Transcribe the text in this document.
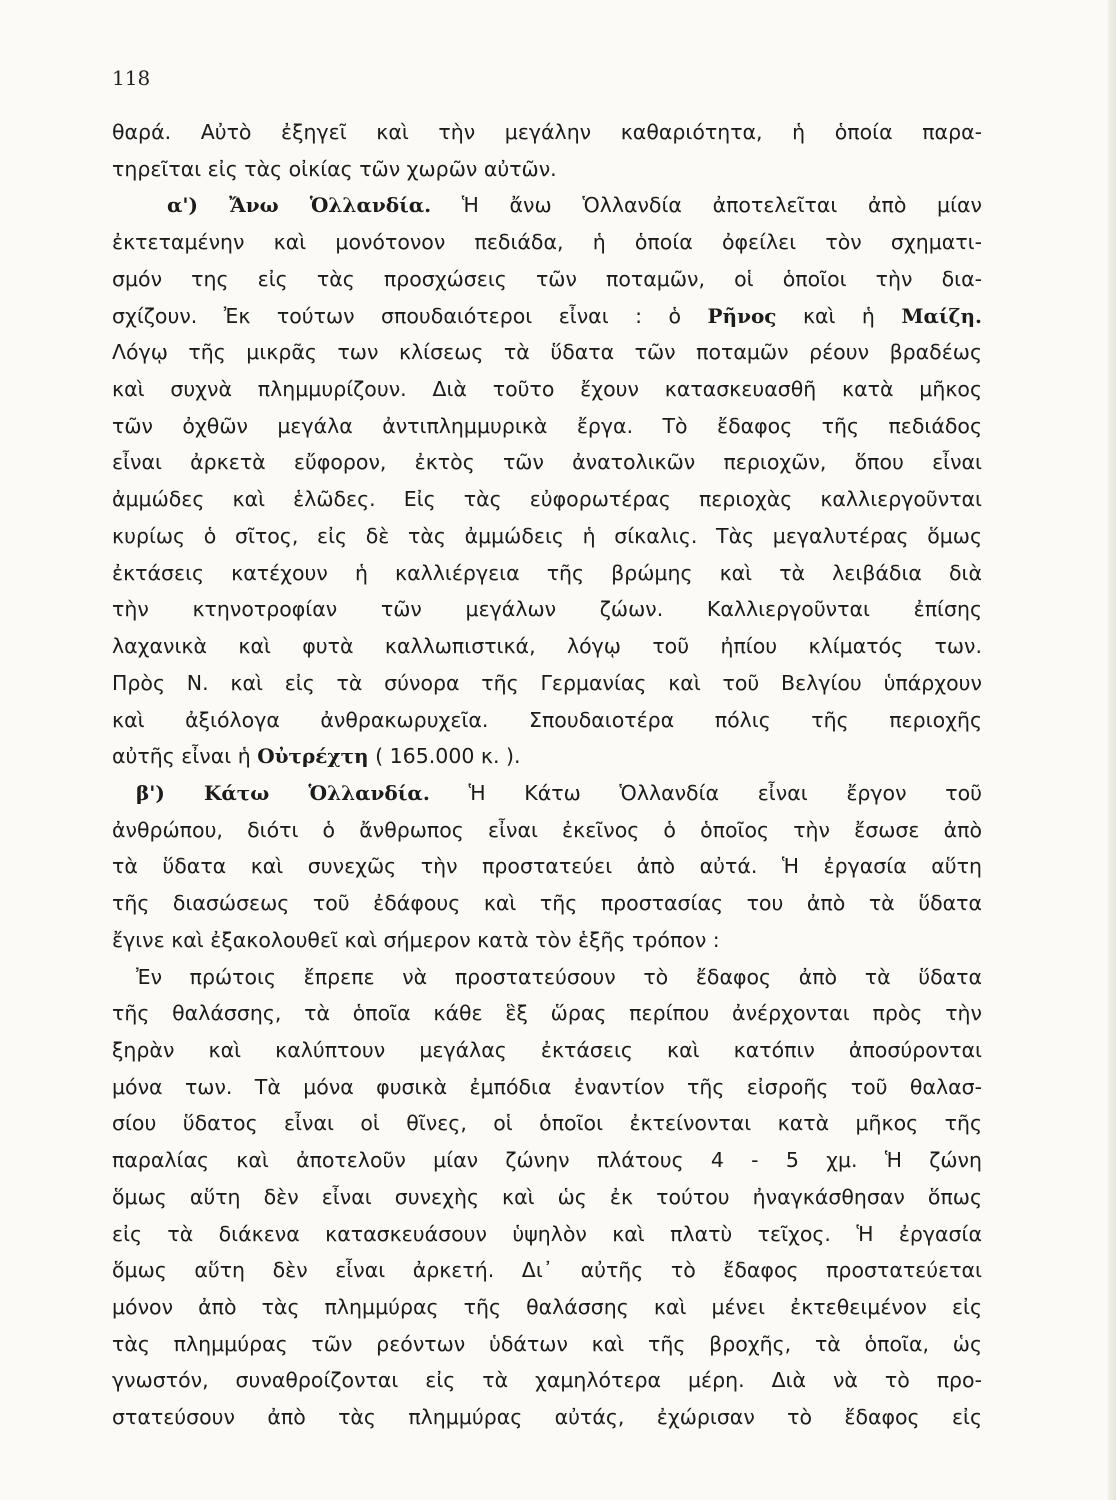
118
θαρά. Αὐτὸ ἐξηγεῖ καὶ τὴν μεγάλην καθαριότητα, ἡ ὁποία παρα-
τηρεῖται εἰς τὰς οἰκίας τῶν χωρῶν αὐτῶν.
α') Ἄνω Ὁλλανδία. Ἡ ἄνω Ὁλλανδία ἀποτελεῖται ἀπὸ μίαν
ἐκτεταμένην καὶ μονότονον πεδιάδα, ἡ ὁποία ὀφείλει τὸν σχηματι-
σμόν της εἰς τὰς προσχώσεις τῶν ποταμῶν, οἱ ὁποῖοι τὴν δια-
σχίζουν. Ἐκ τούτων σπουδαιότεροι εἶναι : ὁ Ρῆνος καὶ ἡ Μαίζη.
Λόγῳ τῆς μικρᾶς των κλίσεως τὰ ὕδατα τῶν ποταμῶν ρέουν βραδέως
καὶ συχνὰ πλημμυρίζουν. Διὰ τοῦτο ἔχουν κατασκευασθῆ κατὰ μῆκος
τῶν ὀχθῶν μεγάλα ἀντιπλημμυρικὰ ἔργα. Τὸ ἔδαφος τῆς πεδιάδος
εἶναι ἀρκετὰ εὔφορον, ἐκτὸς τῶν ἀνατολικῶν περιοχῶν, ὅπου εἶναι
ἀμμώδες καὶ ἑλῶδες. Εἰς τὰς εὐφορωτέρας περιοχὰς καλλιεργοῦνται
κυρίως ὁ σῖτος, εἰς δὲ τὰς ἀμμώδεις ἡ σίκαλις. Τὰς μεγαλυτέρας ὅμως
ἐκτάσεις κατέχουν ἡ καλλιέργεια τῆς βρώμης καὶ τὰ λειβάδια διὰ
τὴν κτηνοτροφίαν τῶν μεγάλων ζώων. Καλλιεργοῦνται ἐπίσης
λαχανικὰ καὶ φυτὰ καλλωπιστικά, λόγῳ τοῦ ἠπίου κλίματός των.
Πρὸς Ν. καὶ εἰς τὰ σύνορα τῆς Γερμανίας καὶ τοῦ Βελγίου ὑπάρχουν
καὶ ἀξιόλογα ἀνθρακωρυχεῖα. Σπουδαιοτέρα πόλις τῆς περιοχῆς
αὐτῆς εἶναι ἡ Οὐτρέχτη ( 165.000 κ. ).
β') Κάτω Ὁλλανδία. Ἡ Κάτω Ὁλλανδία εἶναι ἔργον τοῦ
ἀνθρώπου, διότι ὁ ἄνθρωπος εἶναι ἐκεῖνος ὁ ὁποῖος τὴν ἔσωσε ἀπὸ
τὰ ὕδατα καὶ συνεχῶς τὴν προστατεύει ἀπὸ αὐτά. Ἡ ἐργασία αὕτη
τῆς διασώσεως τοῦ ἐδάφους καὶ τῆς προστασίας του ἀπὸ τὰ ὕδατα
ἔγινε καὶ ἐξακολουθεῖ καὶ σήμερον κατὰ τὸν ἑξῆς τρόπον :
Ἐν πρώτοις ἔπρεπε νὰ προστατεύσουν τὸ ἔδαφος ἀπὸ τὰ ὕδατα
τῆς θαλάσσης, τὰ ὁποῖα κάθε ἓξ ὥρας περίπου ἀνέρχονται πρὸς τὴν
ξηρὰν καὶ καλύπτουν μεγάλας ἐκτάσεις καὶ κατόπιν ἀποσύρονται
μόνα των. Τὰ μόνα φυσικὰ ἐμπόδια ἐναντίον τῆς εἰσροῆς τοῦ θαλασ-
σίου ὕδατος εἶναι οἱ θῖνες, οἱ ὁποῖοι ἐκτείνονται κατὰ μῆκος τῆς
παραλίας καὶ ἀποτελοῦν μίαν ζώνην πλάτους 4 - 5 χμ. Ἡ ζώνη
ὅμως αὕτη δὲν εἶναι συνεχὴς καὶ ὡς ἐκ τούτου ἠναγκάσθησαν ὅπως
εἰς τὰ διάκενα κατασκευάσουν ὑψηλὸν καὶ πλατὺ τεῖχος. Ἡ ἐργασία
ὅμως αὕτη δὲν εἶναι ἀρκετή. Δι᾽ αὐτῆς τὸ ἔδαφος προστατεύεται
μόνον ἀπὸ τὰς πλημμύρας τῆς θαλάσσης καὶ μένει ἐκτεθειμένον εἰς
τὰς πλημμύρας τῶν ρεόντων ὑδάτων καὶ τῆς βροχῆς, τὰ ὁποῖα, ὡς
γνωστόν, συναθροίζονται εἰς τὰ χαμηλότερα μέρη. Διὰ νὰ τὸ προ-
στατεύσουν ἀπὸ τὰς πλημμύρας αὐτάς, ἐχώρισαν τὸ ἔδαφος εἰς
